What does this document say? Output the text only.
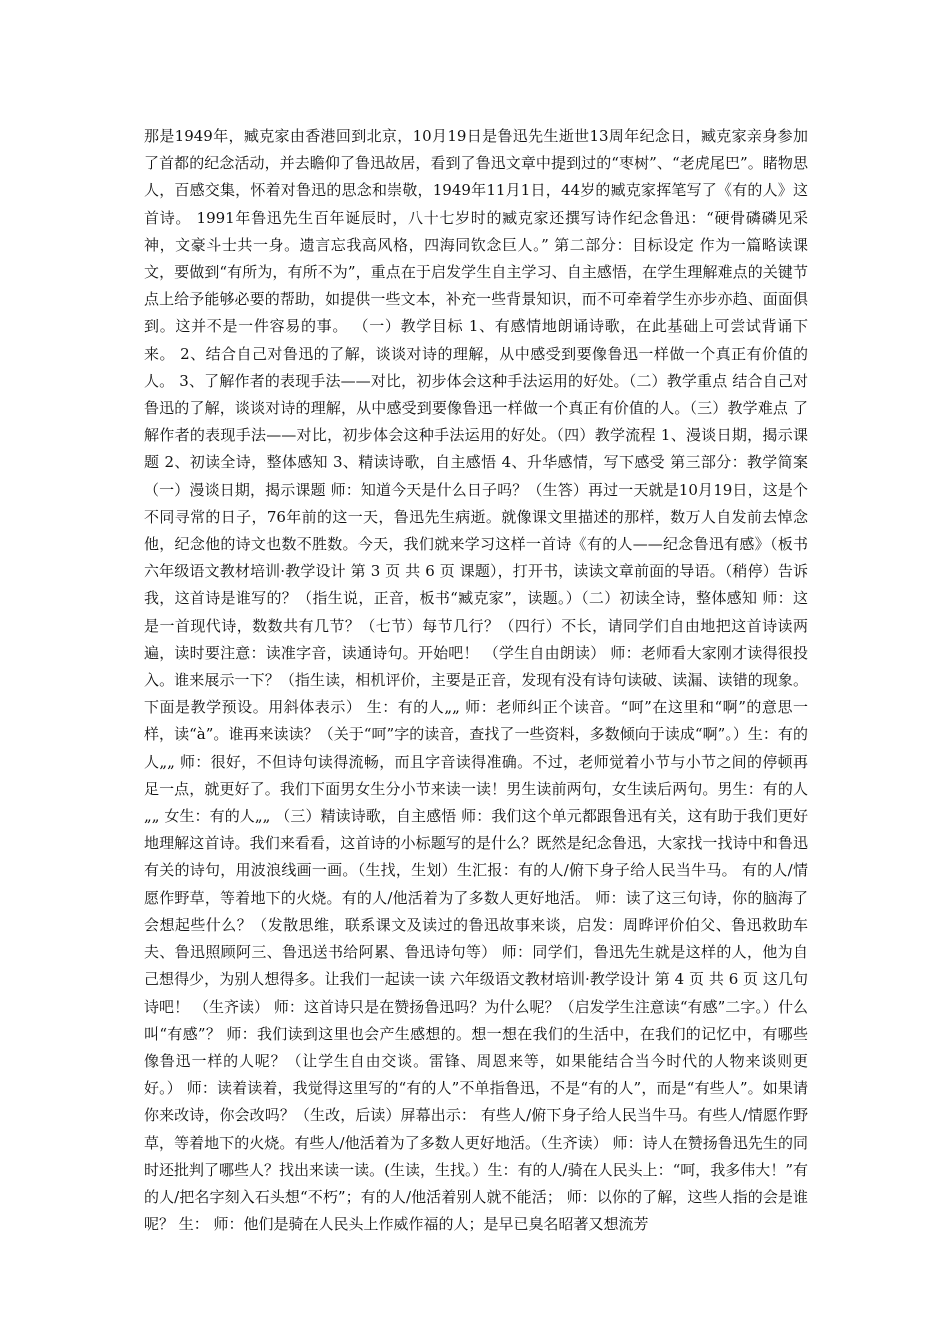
那是1949年，臧克家由香港回到北京，10月19日是鲁迅先生逝世13周年纪念日，臧克家亲身参加了首都的纪念活动，并去瞻仰了鲁迅故居，看到了鲁迅文章中提到过的“枣树”、“老虎尾巴”。睹物思人，百感交集，怀着对鲁迅的思念和崇敬，1949年11月1日，44岁的臧克家挥笔写了《有的人》这首诗。 1991年鲁迅先生百年诞辰时，八十七岁时的臧克家还撰写诗作纪念鲁迅：“硬骨磷磷见采神，文豪斗士共一身。遗言忘我高风格，四海同钦念巨人。” 第二部分：目标设定 作为一篇略读课文，要做到“有所为，有所不为”，重点在于启发学生自主学习、自主感悟，在学生理解难点的关键节点上给予能够必要的帮助，如提供一些文本，补充一些背景知识，而不可牵着学生亦步亦趋、面面俱到。这并不是一件容易的事。 （一）教学目标 1、有感情地朗诵诗歌，在此基础上可尝试背诵下来。 2、结合自己对鲁迅的了解，谈谈对诗的理解，从中感受到要像鲁迅一样做一个真正有价值的人。 3、了解作者的表现手法——对比，初步体会这种手法运用的好处。（二）教学重点 结合自己对鲁迅的了解，谈谈对诗的理解，从中感受到要像鲁迅一样做一个真正有价值的人。（三）教学难点 了解作者的表现手法——对比，初步体会这种手法运用的好处。（四）教学流程 1、漫谈日期，揭示课题 2、初读全诗，整体感知 3、精读诗歌，自主感悟 4、升华感情，写下感受 第三部分：教学简案（一）漫谈日期，揭示课题 师：知道今天是什么日子吗？（生答）再过一天就是10月19日，这是个不同寻常的日子，76年前的这一天，鲁迅先生病逝。就像课文里描述的那样，数万人自发前去悼念他，纪念他的诗文也数不胜数。今天，我们就来学习这样一首诗《有的人——纪念鲁迅有感》（板书 六年级语文教材培训·教学设计 第 3 页 共 6 页 课题），打开书，读读文章前面的导语。（稍停）告诉我，这首诗是谁写的？（指生说，正音，板书“臧克家”，读题。）（二）初读全诗，整体感知 师：这是一首现代诗，数数共有几节？（七节）每节几行？（四行）不长，请同学们自由地把这首诗读两遍，读时要注意：读准字音，读通诗句。开始吧！ （学生自由朗读） 师：老师看大家刚才读得很投入。谁来展示一下？（指生读，相机评价，主要是正音，发现有没有诗句读破、读漏、读错的现象。下面是教学预设。用斜体表示） 生：有的人„„ 师：老师纠正个读音。“呵”在这里和“啊”的意思一样，读“à”。谁再来读读？（关于“呵”字的读音，查找了一些资料，多数倾向于读成“啊”。）生：有的人„„ 师：很好，不但诗句读得流畅，而且字音读得准确。不过，老师觉着小节与小节之间的停顿再足一点，就更好了。我们下面男女生分小节来读一读！男生读前两句，女生读后两句。男生：有的人„„ 女生：有的人„„ （三）精读诗歌，自主感悟 师：我们这个单元都跟鲁迅有关，这有助于我们更好地理解这首诗。我们来看看，这首诗的小标题写的是什么？既然是纪念鲁迅，大家找一找诗中和鲁迅有关的诗句，用波浪线画一画。（生找，生划）生汇报：有的人/俯下身子给人民当牛马。 有的人/情愿作野草，等着地下的火烧。有的人/他活着为了多数人更好地活。 师：读了这三句诗，你的脑海了会想起些什么？（发散思维，联系课文及读过的鲁迅故事来谈，启发：周晔评价伯父、鲁迅救助车夫、鲁迅照顾阿三、鲁迅送书给阿累、鲁迅诗句等） 师：同学们，鲁迅先生就是这样的人，他为自己想得少，为别人想得多。让我们一起读一读 六年级语文教材培训·教学设计 第 4 页 共 6 页 这几句诗吧！ （生齐读） 师：这首诗只是在赞扬鲁迅吗？为什么呢？（启发学生注意读“有感”二字。）什么叫“有感”？ 师：我们读到这里也会产生感想的。想一想在我们的生活中，在我们的记忆中，有哪些像鲁迅一样的人呢？（让学生自由交谈。雷锋、周恩来等，如果能结合当今时代的人物来谈则更好。） 师：读着读着，我觉得这里写的“有的人”不单指鲁迅，不是“有的人”，而是“有些人”。如果请你来改诗，你会改吗？（生改，后读）屏幕出示： 有些人/俯下身子给人民当牛马。有些人/情愿作野草，等着地下的火烧。有些人/他活着为了多数人更好地活。（生齐读） 师：诗人在赞扬鲁迅先生的同时还批判了哪些人？找出来读一读。(生读，生找。）生：有的人/骑在人民头上：“呵，我多伟大！”有的人/把名字刻入石头想“不朽”；有的人/他活着别人就不能活； 师：以你的了解，这些人指的会是谁呢？ 生： 师：他们是骑在人民头上作威作福的人；是早已臭名昭著又想流芳
